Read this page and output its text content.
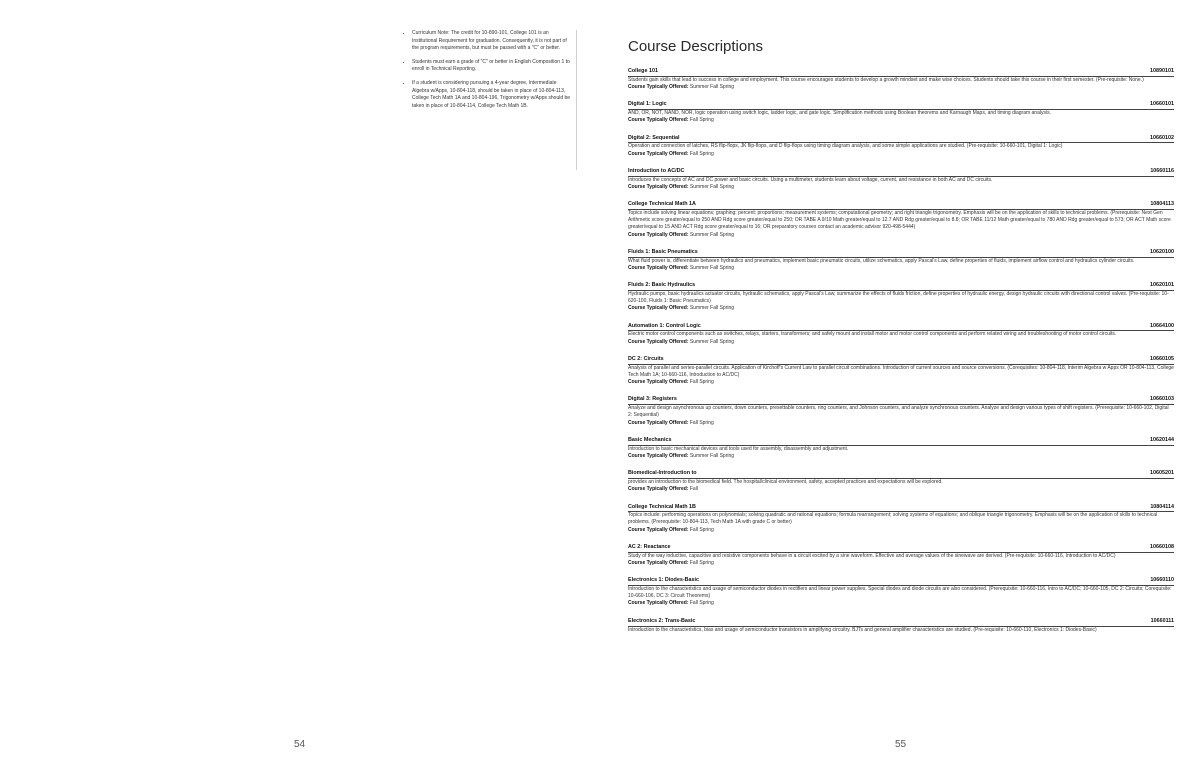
• Curriculum Note: The credit for 10-890-101, College 101 is an Institutional Requirement for graduation. Consequently, it is not part of the program requirements, but must be passed with a "C" or better.
• Students must earn a grade of "C" or better in English Composition 1 to enroll in Technical Reporting.
• If a student is considering pursuing a 4-year degree, Intermediate Algebra w/Apps, 10-804-118, should be taken in place of 10-804-113, College Tech Math 1A and 10-804-196, Trigonometry w/Apps should be taken in place of 10-804-114, College Tech Math 1B.
54
Course Descriptions
College 101	10890101

Students gain skills that lead to success in college and employment. This course encourages students to develop a growth mindset and make wise choices. Students should take this course in their first semester. (Pre-requisite: None.)

Course Typically Offered: Summer Fall Spring

Digital 1: Logic	10660101

AND, OR, NOT, NAND, NOR, logic operation using switch logic, ladder logic, and gate logic. Simplification methods using Boolean theorems and Karnaugh Maps, and timing diagram analysis.

Course Typically Offered: Fall Spring

Digital 2: Sequential	10660102

Operation and connection of latches, RS flip-flops, JK flip-flops, and D flip-flops using timing diagram analysis, and some simple applications are studied. (Pre-requisite: 10-660-101, Digital 1: Logic)

Course Typically Offered: Fall Spring

Introduction to AC/DC	10660116

Introduces the concepts of AC and DC power and basic circuits. Using a multimeter, students learn about voltage, current, and resistance in both AC and DC circuits.

Course Typically Offered: Summer Fall Spring

College Technical Math 1A	10804113

Topics include solving linear equations; graphing; percent; proportions; measurement systems; computational geometry; and right triangle trigonometry. Emphasis will be on the application of skills to technical problems. (Prerequisite: Next Gen Arithmetic score greater/equal to 250 AND Rdg score greater/equal to 250; OR TABE A 9/10 Math greater/equal to 12.7 AND Rdg greater/equal to 8.8; OR TABE 11/12 Math greater/equal to 780 AND Rdg greater/equal to 573; OR ACT Math score greater/equal to 15 AND ACT Rdg score greater/equal to 16; OR preparatory courses contact an academic advisor 920-498-5444)

Course Typically Offered: Summer Fall Spring

Fluids 1: Basic Pneumatics	10620100

What fluid power is, differentiate between hydraulics and pneumatics, implement basic pneumatic circuits, utilize schematics, apply Pascal's Law, define properties of fluids, implement airflow control and hydraulics cylinder circuits.

Course Typically Offered: Summer Fall Spring

Fluids 2: Basic Hydraulics	10620101

Hydraulic pumps, basic hydraulics actuator circuits, hydraulic schematics, apply Pascal's Law, summarize the effects of fluids friction, define properties of hydraulic energy, design hydraulic circuits with directional control valves. (Pre-requisite: 10-620-100, Fluids 1: Basic Pneumatics)

Course Typically Offered: Summer Fall Spring

Automation 1: Control Logic	10664100

Electric motor control components such as switches, relays, starters, transformers; and safely mount and install motor and motor control components and perform related wiring and troubleshooting of motor control circuits.

Course Typically Offered: Summer Fall Spring

DC 2: Circuits	10660105

Analysis of parallel and series-parallel circuits. Application of Kirchoff's Current Law to parallel circuit combinations. Introduction of current sources and source conversions. (Corequisites: 10-804-118, Interim Algebra w Apps OR 10-804-113, College Tech Math 1A; 10-660-116, Introduction to AC/DC)

Course Typically Offered: Fall Spring

Digital 3: Registers	10660103

Analyze and design asynchronous up counters, down counters, presettable counters, ring counters, and Johnson counters, and analyze synchronous counters. Analyze and design various types of shift registers. (Prerequisite: 10-660-102, Digital 2: Sequential)

Course Typically Offered: Fall Spring

Basic Mechanics	10620144

Introduction to basic mechanical devices and tools used for assembly, disassembly and adjustment.

Course Typically Offered: Summer Fall Spring

Biomedical-Introduction to	10605201

provides an introduction to the biomedical field. The hospital/clinical environment, safety, accepted practices and expectations will be explored.

Course Typically Offered: Fall

College Technical Math 1B	10804114

Topics include: performing operations on polynomials; solving quadratic and rational equations; formula rearrangement; solving systems of equations; and oblique triangle trigonometry. Emphasis will be on the application of skills to technical problems. (Prerequisite: 10-804-113, Tech Math 1A with grade C or better)

Course Typically Offered: Fall Spring

AC 2: Reactance	10660108

Study of the way inductive, capacitive and resistive components behave in a circuit excited by a sine waveform. Effective and average values of the sinewave are derived. (Pre-requisite: 10-660-116, Introduction to AC/DC)

Course Typically Offered: Fall Spring

Electronics 1: Diodes-Basic	10660110

Introduction to the characteristics and usage of semiconductor diodes in rectifiers and linear power supplies. Special diodes and diode circuits are also considered. (Prerequisite: 10-660-116, Intro to AC/DC; 10-660-105, DC 2: Circuits; Corequisite: 10-660-106, DC 3: Circuit Theorems)

Course Typically Offered: Fall Spring

Electronics 2: Trans-Basic	10660111

Introduction to the characteristics, bias and usage of semiconductor transistors in amplifying circuitry. BJTs and general amplifier characteristics are studied. (Pre-requisite: 10-660-110, Electronics 1: Diodes-Basic)

55
